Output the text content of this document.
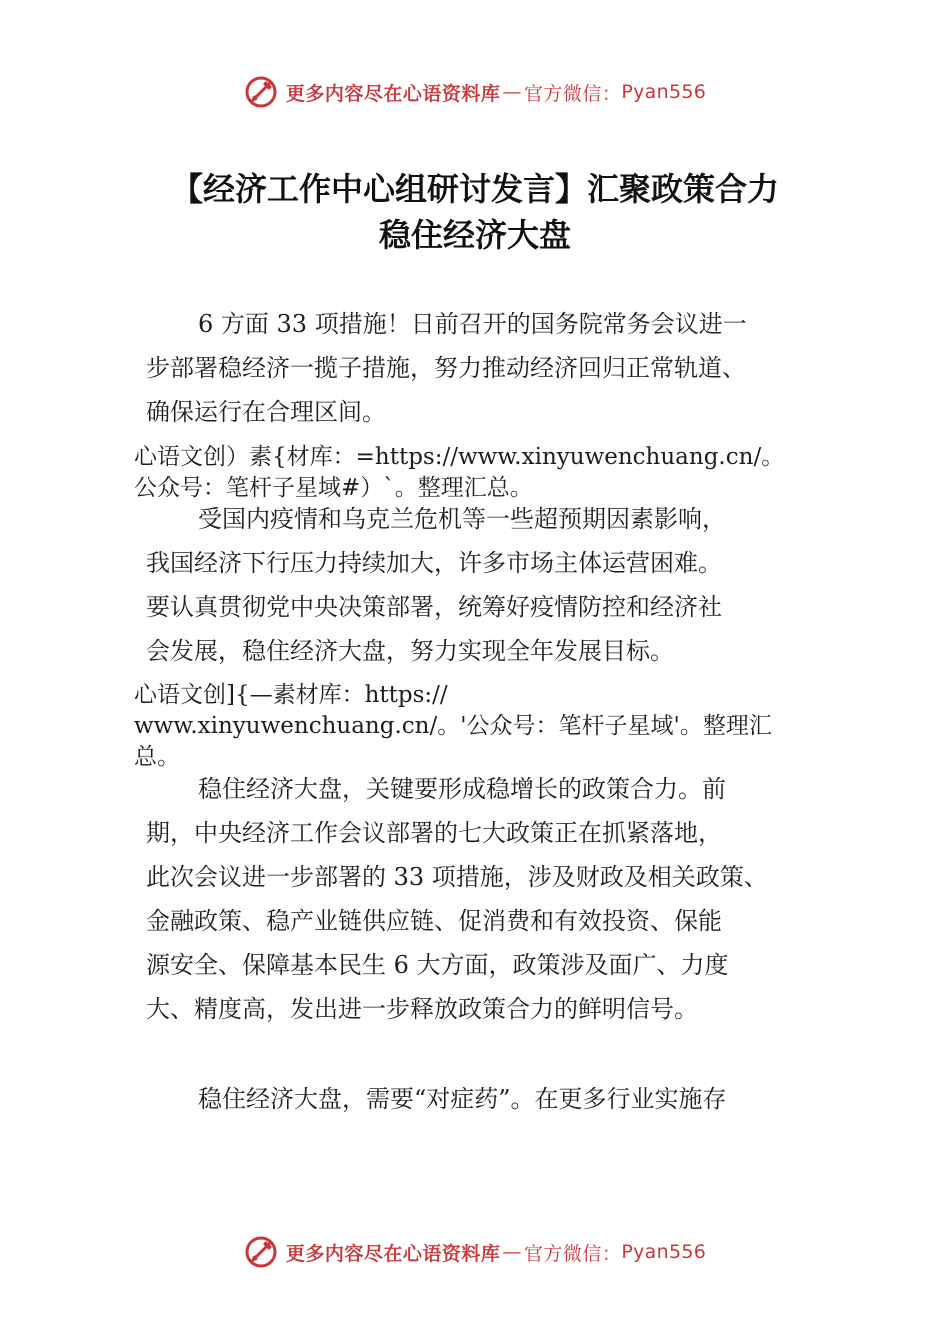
更多内容尽在心语资料库 — 官方微信： Pyan556
【经济工作中心组研讨发言】汇聚政策合力
稳住经济大盘
6 方面 33 项措施！日前召开的国务院常务会议进一
步部署稳经济一揽子措施，努力推动经济回归正常轨道、
确保运行在合理区间。
心语文创）素{材库：=https://www.xinyuwenchuang.cn/。
公众号：笔杆子星域#）`。整理汇总。
受国内疫情和乌克兰危机等一些超预期因素影响，
我国经济下行压力持续加大，许多市场主体运营困难。
要认真贯彻党中央决策部署，统筹好疫情防控和经济社
会发展，稳住经济大盘，努力实现全年发展目标。
心语文创]{—素材库：https://
www.xinyuwenchuang.cn/。'公众号：笔杆子星域'。整理汇
总。
稳住经济大盘，关键要形成稳增长的政策合力。前
期，中央经济工作会议部署的七大政策正在抓紧落地，
此次会议进一步部署的 33 项措施，涉及财政及相关政策、
金融政策、稳产业链供应链、促消费和有效投资、保能
源安全、保障基本民生 6 大方面，政策涉及面广、力度
大、精度高，发出进一步释放政策合力的鲜明信号。
稳住经济大盘，需要“对症药”。在更多行业实施存
更多内容尽在心语资料库 — 官方微信： Pyan556
